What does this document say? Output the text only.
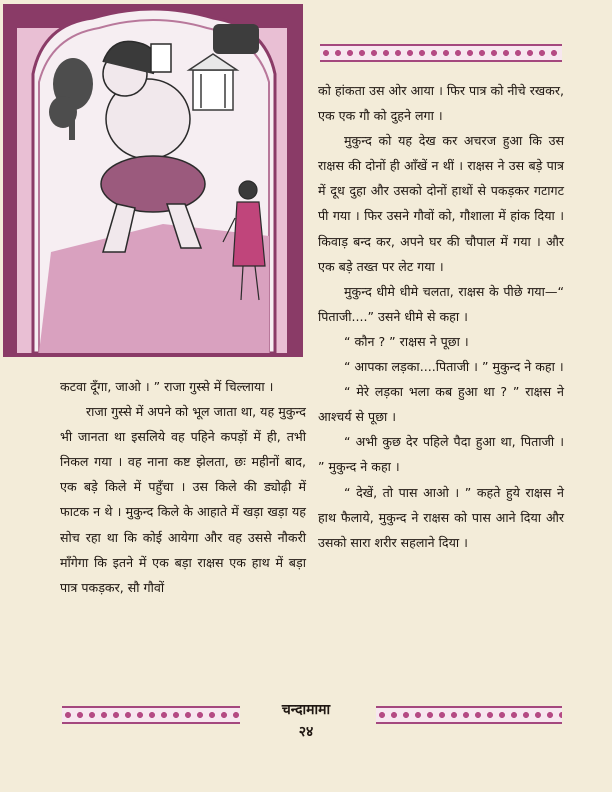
को हांकता उस ओर आया । फिर पात्र को नीचे रखकर, एक एक गौ को दुहने लगा ।

मुकुन्द को यह देख कर अचरज हुआ कि उस राक्षस की दोनों ही आँखें न थीं । राक्षस ने उस बड़े पात्र में दूध दुहा और उसको दोनों हाथों से पकड़कर गटागट पी गया । फिर उसने गौवों को, गौशाला में हांक दिया । किवाड़ बन्द कर, अपने घर की चौपाल में गया । और एक बड़े तख्त पर लेट गया ।

मुकुन्द धीमे धीमे चलता, राक्षस के पीछे गया—“ पिताजी....” उसने धीमे से कहा ।

“ कौन ? ” राक्षस ने पूछा ।

“ आपका लड़का....पिताजी । ” मुकुन्द ने कहा ।

“ मेरे लड़का भला कब हुआ था ? ” राक्षस ने आश्चर्य से पूछा ।

“ अभी कुछ देर पहिले पैदा हुआ था, पिताजी । ” मुकुन्द ने कहा ।

“ देखें, तो पास आओ । ” कहते हुये राक्षस ने हाथ फैलाये, मुकुन्द ने राक्षस को पास आने दिया और उसको सारा शरीर सहलाने दिया ।

कटवा दूँगा, जाओ । ” राजा गुस्से में चिल्लाया ।

राजा गुस्से में अपने को भूल जाता था, यह मुकुन्द भी जानता था इसलिये वह पहिने कपड़ों में ही, तभी निकल गया । वह नाना कष्ट झेलता, छः महीनों बाद, एक बड़े किले में पहुँचा । उस किले की ड्योढ़ी में फाटक न थे । मुकुन्द किले के आहाते में खड़ा खड़ा यह सोच रहा था कि कोई आयेगा और वह उससे नौकरी माँगेगा कि इतने में एक बड़ा राक्षस एक हाथ में बड़ा पात्र पकड़कर, सौ गौवों

चन्दामामा
२४
